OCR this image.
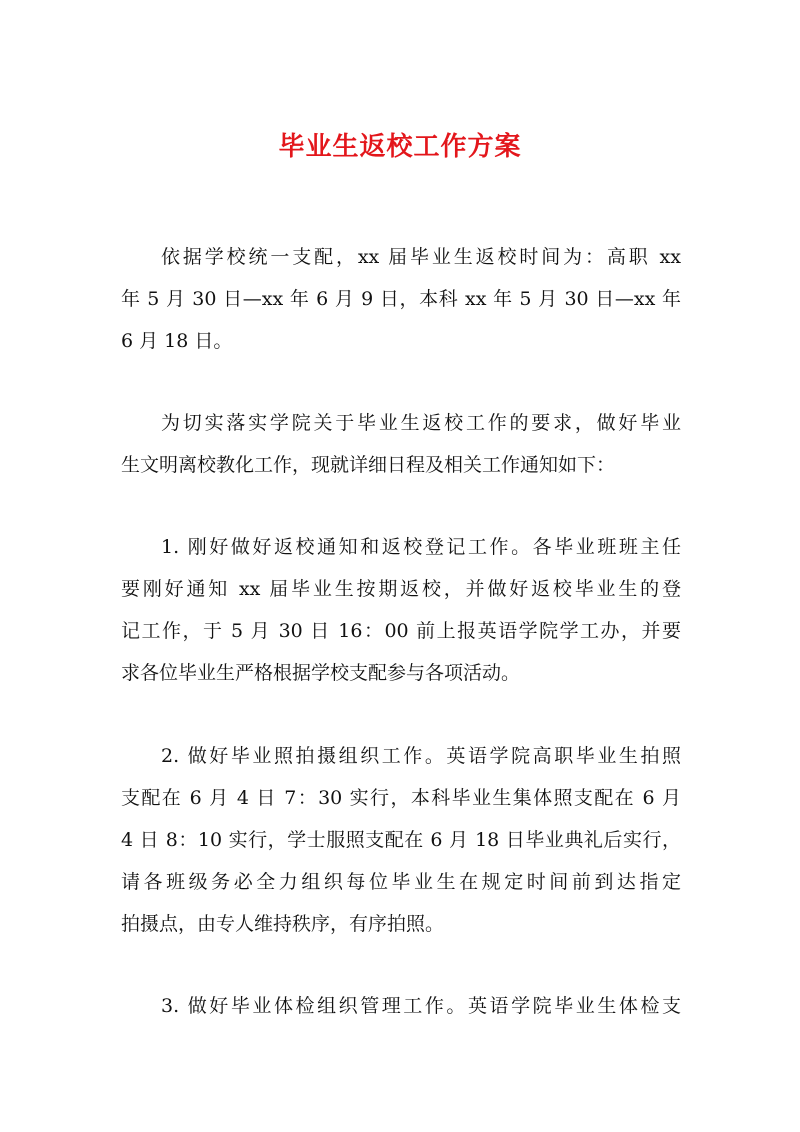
毕业生返校工作方案
依据学校统一支配，xx 届毕业生返校时间为：高职 xx
年 5 月 30 日—xx 年 6 月 9 日，本科 xx 年 5 月 30 日—xx 年
6 月 18 日。
为切实落实学院关于毕业生返校工作的要求，做好毕业
生文明离校教化工作，现就详细日程及相关工作通知如下：
1. 刚好做好返校通知和返校登记工作。各毕业班班主任
要刚好通知 xx 届毕业生按期返校，并做好返校毕业生的登
记工作，于 5 月 30 日 16：00 前上报英语学院学工办，并要
求各位毕业生严格根据学校支配参与各项活动。
2. 做好毕业照拍摄组织工作。英语学院高职毕业生拍照
支配在 6 月 4 日 7：30 实行，本科毕业生集体照支配在 6 月
4 日 8：10 实行，学士服照支配在 6 月 18 日毕业典礼后实行，
请各班级务必全力组织每位毕业生在规定时间前到达指定
拍摄点，由专人维持秩序，有序拍照。
3. 做好毕业体检组织管理工作。英语学院毕业生体检支
